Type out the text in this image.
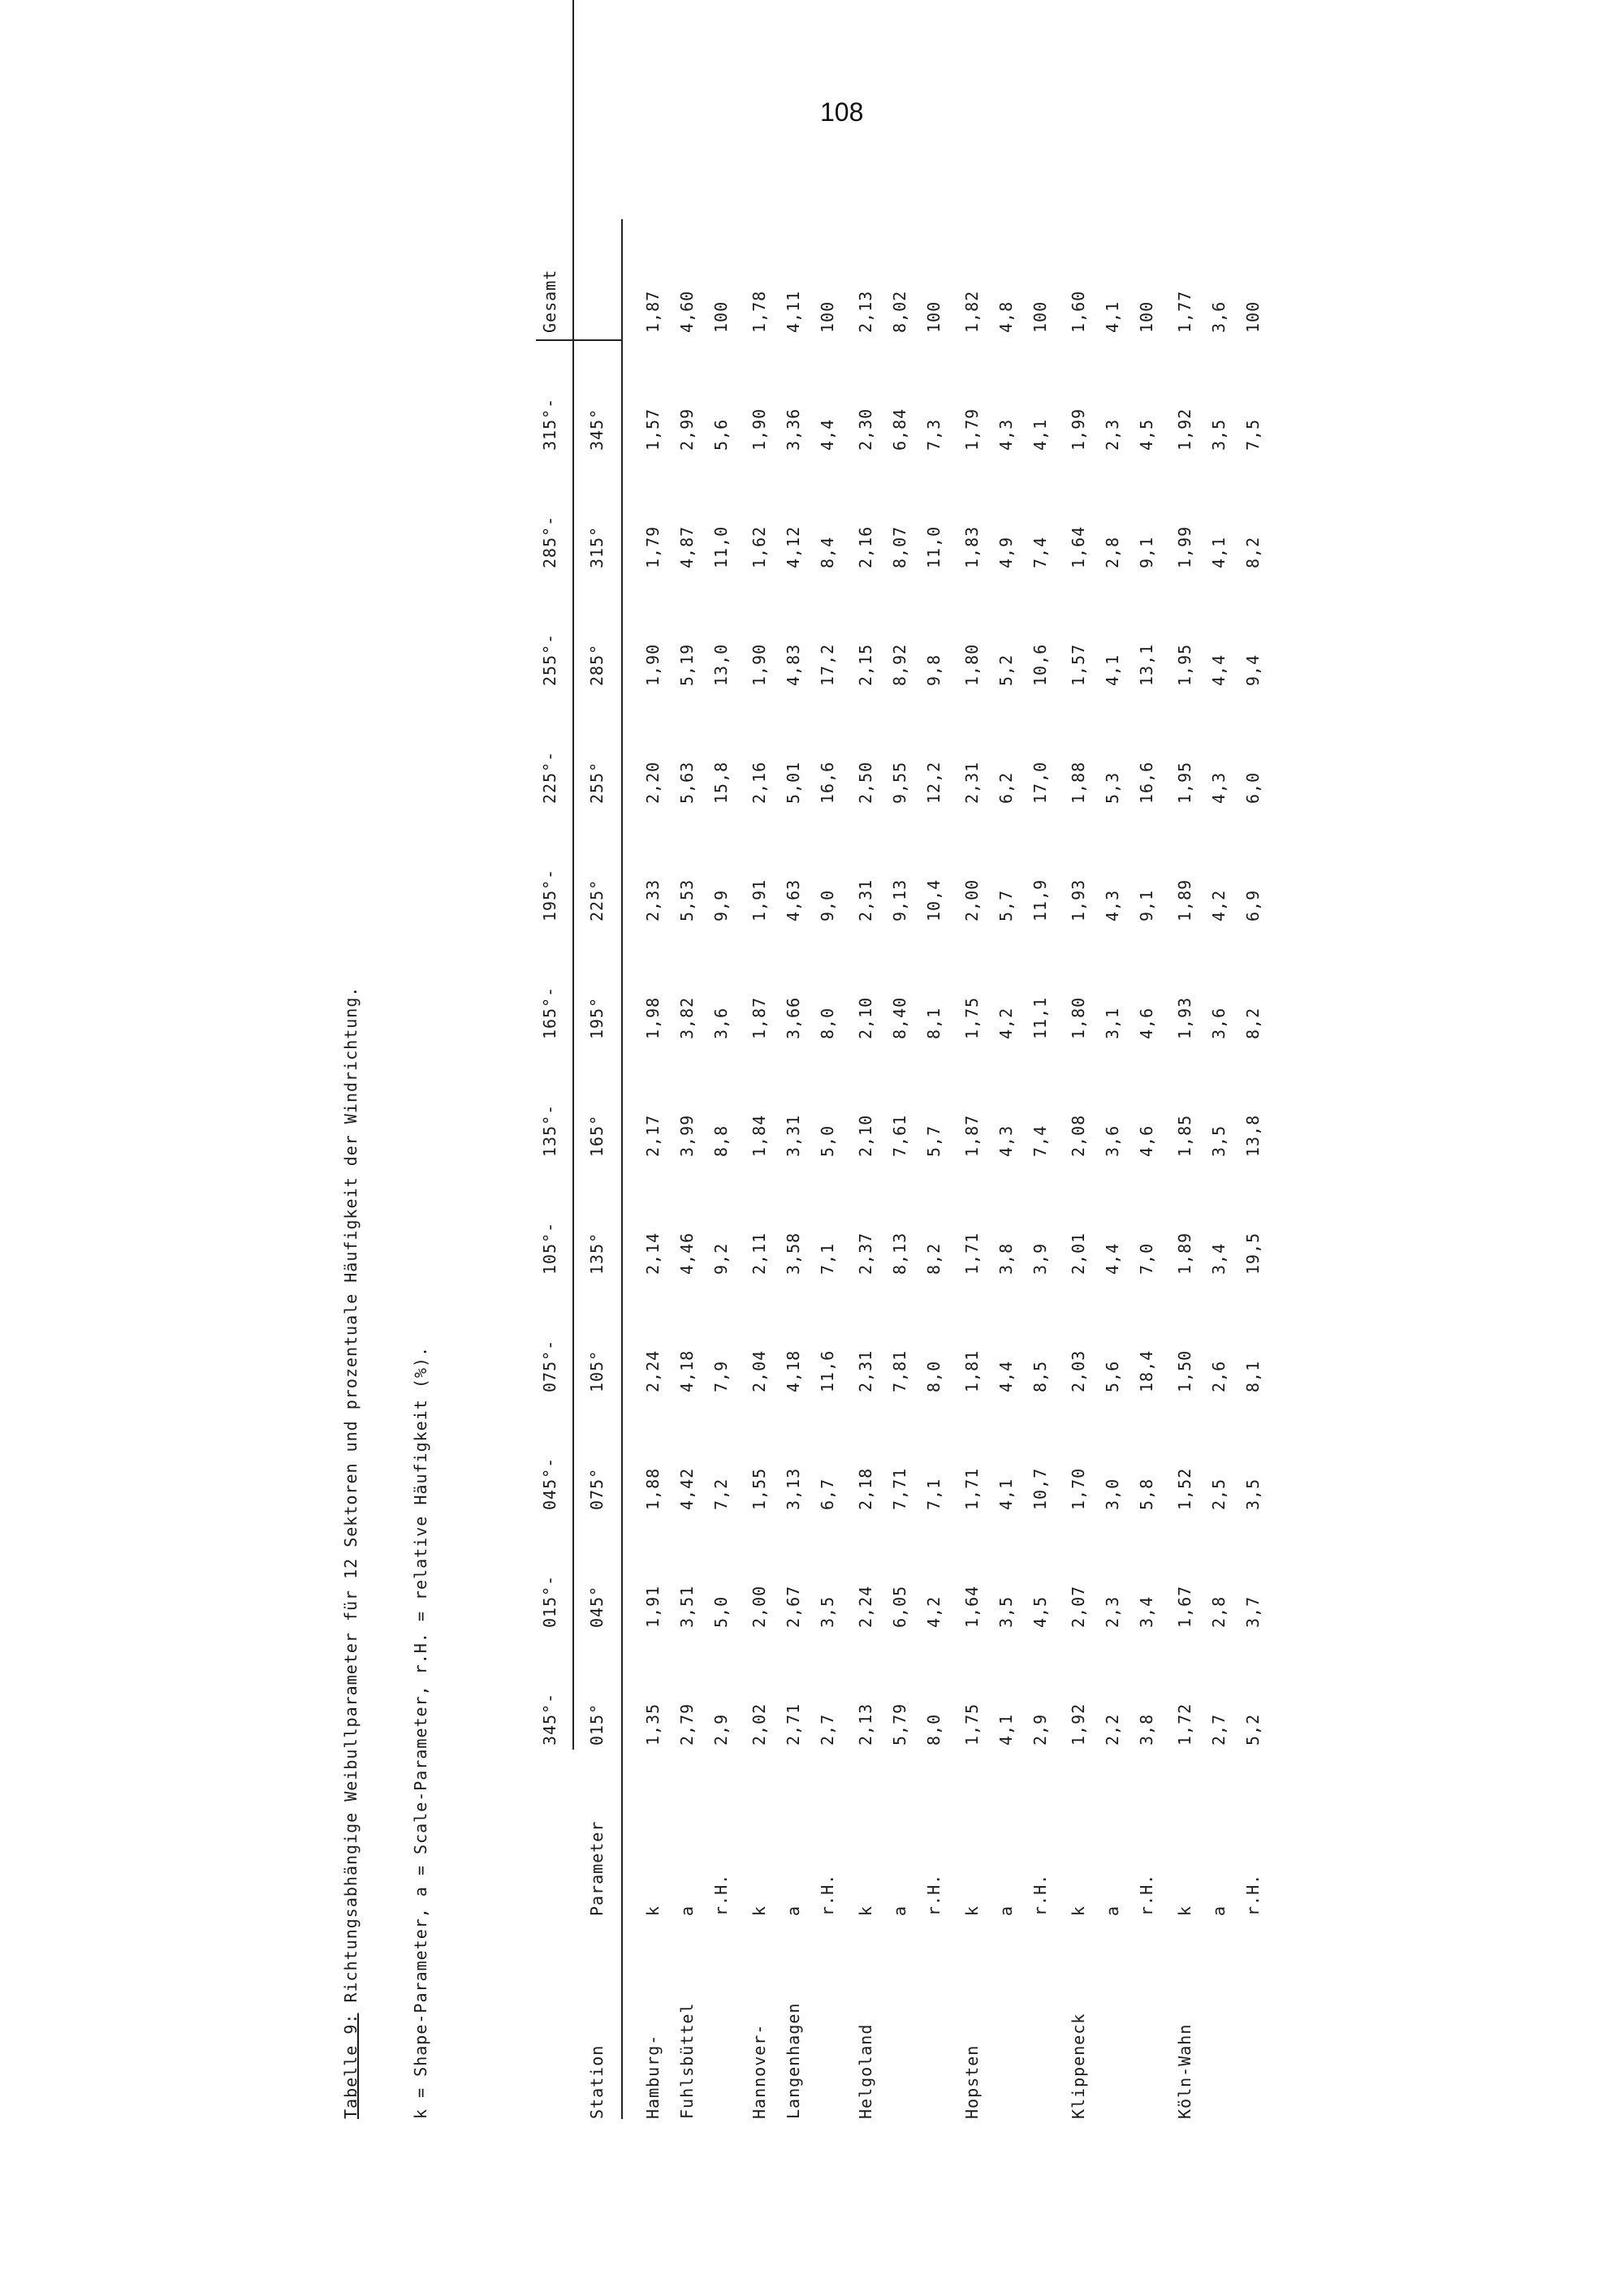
108
Tabelle 9: Richtungsabhängige Weibullparameter für 12 Sektoren und prozentuale Häufigkeit der Windrichtung.	k = Shape-Parameter, a = Scale-Parameter, r.H. = relative Häufigkeit (%).	Station
Parameter
345°- 015°
015°- 045°
045°- 075°
075°- 105°
105°- 135°
135°- 165°
165°- 195°
195°- 225°
225°- 255°
255°- 285°
285°- 315°
315°- 345°
Gesamt
Hamburg- Fuhlsbüttel
k
1,35
1,91
1,88
2,24
2,14
2,17
1,98
2,33
2,20
1,90
1,79
1,57
1,87
a
2,79
3,51
4,42
4,18
4,46
3,99
3,82
5,53
5,63
5,19
4,87
2,99
4,60
r.H.
2,9
5,0
7,2
7,9
9,2
8,8
3,6
9,9
15,8
13,0
11,0
5,6
100
Hannover- Langenhagen
k
2,02
2,00
1,55
2,04
2,11
1,84
1,87
1,91
2,16
1,90
1,62
1,90
1,78
a
2,71
2,67
3,13
4,18
3,58
3,31
3,66
4,63
5,01
4,83
4,12
3,36
4,11
r.H.
2,7
3,5
6,7
11,6
7,1
5,0
8,0
9,0
16,6
17,2
8,4
4,4
100
Helgoland
k
2,13
2,24
2,18
2,31
2,37
2,10
2,10
2,31
2,50
2,15
2,16
2,30
2,13
a
5,79
6,05
7,71
7,81
8,13
7,61
8,40
9,13
9,55
8,92
8,07
6,84
8,02
r.H.
8,0
4,2
7,1
8,0
8,2
5,7
8,1
10,4
12,2
9,8
11,0
7,3
100
Hopsten
k
1,75
1,64
1,71
1,81
1,71
1,87
1,75
2,00
2,31
1,80
1,83
1,79
1,82
a
4,1
3,5
4,1
4,4
3,8
4,3
4,2
5,7
6,2
5,2
4,9
4,3
4,8
r.H.
2,9
4,5
10,7
8,5
3,9
7,4
11,1
11,9
17,0
10,6
7,4
4,1
100
Klippeneck
k
1,92
2,07
1,70
2,03
2,01
2,08
1,80
1,93
1,88
1,57
1,64
1,99
1,60
a
2,2
2,3
3,0
5,6
4,4
3,6
3,1
4,3
5,3
4,1
2,8
2,3
4,1
r.H.
3,8
3,4
5,8
18,4
7,0
4,6
4,6
9,1
16,6
13,1
9,1
4,5
100
Köln-Wahn
k
1,72
1,67
1,52
1,50
1,89
1,85
1,93
1,89
1,95
1,95
1,99
1,92
1,77
a
2,7
2,8
2,5
2,6
3,4
3,5
3,6
4,2
4,3
4,4
4,1
3,5
3,6
r.H.
5,2
3,7
3,5
8,1
19,5
13,8
8,2
6,9
6,0
9,4
8,2
7,5
100
